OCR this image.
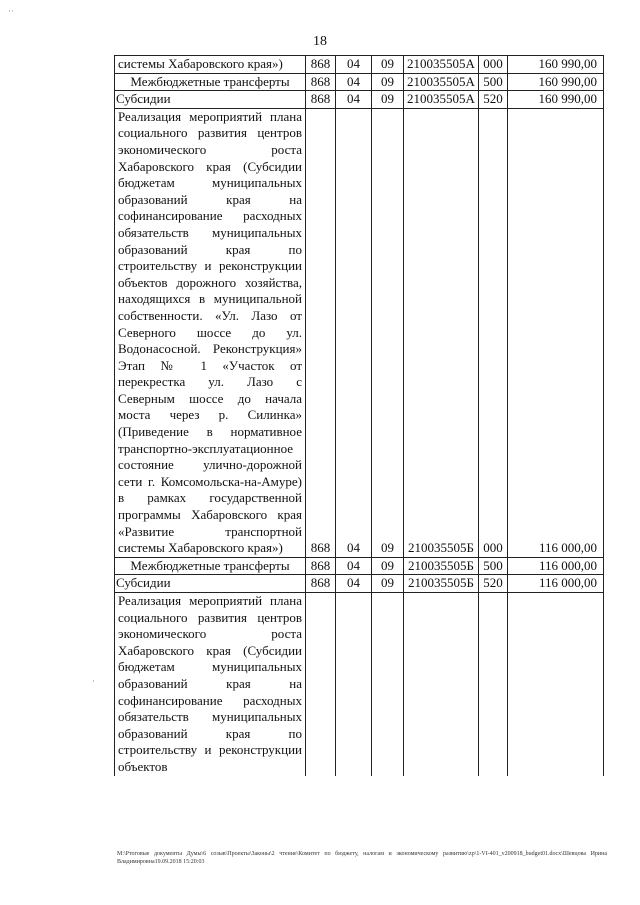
18
··
·
системы Хабаровского края»)	868	04	09	210035505А	000	160 990,00
Межбюджетные трансферты	868	04	09	210035505А	500	160 990,00
Субсидии	868	04	09	210035505А	520	160 990,00
Реализация мероприятий плана социального развития центров экономического роста Хабаровского края (Субсидии бюджетам муниципальных образований края на софинансирование расходных обязательств муниципальных образований края по строительству и реконструкции объектов дорожного хозяйства, находящихся в муниципальной собственности. «Ул. Лазо от Северного шоссе до ул. Водонасосной. Реконструкция» Этап № 1 «Участок от перекрестка ул. Лазо с Северным шоссе до начала моста через р. Силинка» (Приведение в нормативное транспортно-эксплуатационное состояние улично-дорожной сети г. Комсомольска-на-Амуре) в рамках государственной программы Хабаровского края «Развитие транспортной системы Хабаровского края»)	868	04	09	210035505Б	000	116 000,00
Межбюджетные трансферты	868	04	09	210035505Б	500	116 000,00
Субсидии	868	04	09	210035505Б	520	116 000,00
Реализация мероприятий плана социального развития центров экономического роста Хабаровского края (Субсидии бюджетам муниципальных образований края на софинансирование расходных обязательств муниципальных образований края по строительству и реконструкции объектов						
M:\Pтоговые документы Думы\6 созыв\Проекты\Законы\2 чтение\Комитет по бюджету, налогам и экономическому развитию\zp\1-VI-401_v200918_budget01.docx\Шевцова Ирина Владимировна19.09.2018 15:20:03
